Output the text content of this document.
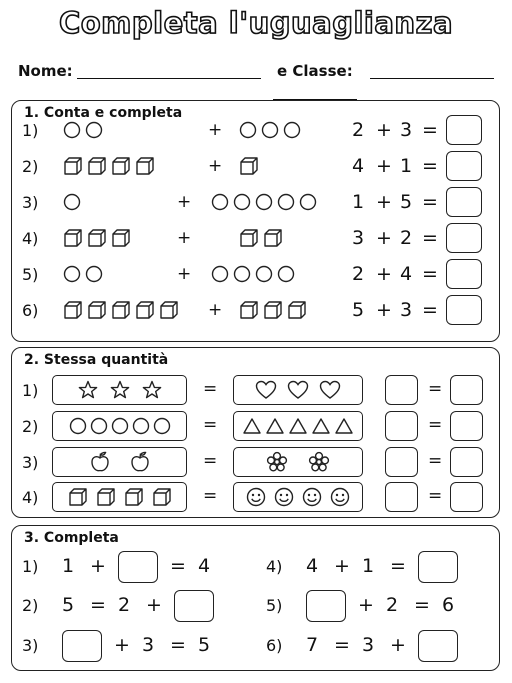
Completa l'uguaglianza
Nome:	e Classe:
1. Conta e completa
2. Stessa quantità
3. Completa
1)	+	2 + 3 =
2)	+	4 + 1 =
3)	+	1 + 5 =
4)	+	3 + 2 =
5)	+	2 + 4 =
6)	+	5 + 3 =
1)	=	=
2)	=	=
3)	=	=
4)	=	=
1) 1 +	= 4
2) 5 = 2 +
3)	+ 3 = 5
4) 4 + 1 =
5)	+ 2 = 6
6) 7 = 3 +
